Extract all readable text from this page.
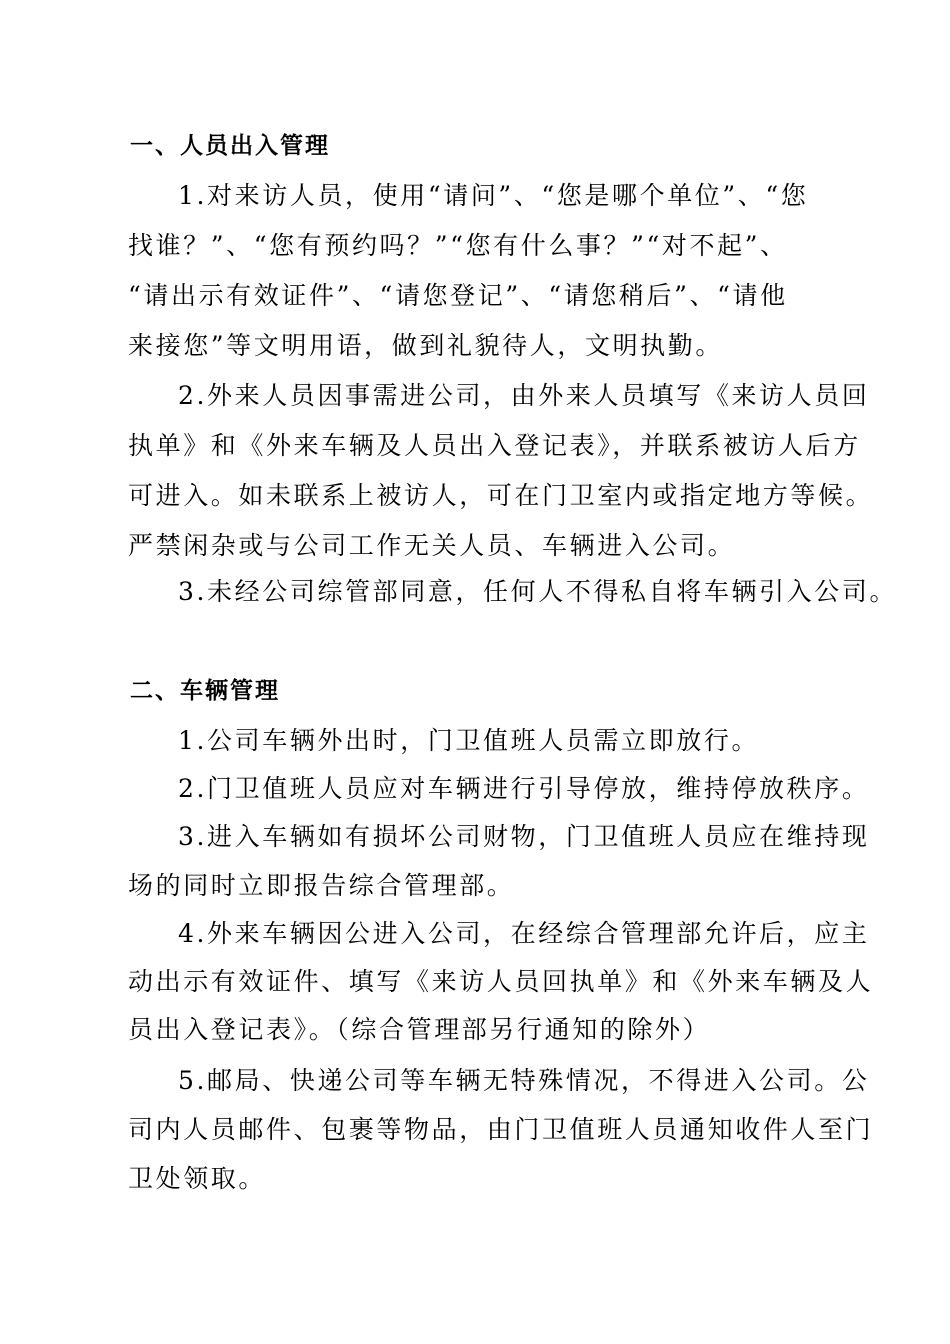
一、人员出入管理
1.对来访人员，使用“请问”、“您是哪个单位”、“您
找谁？”、“您有预约吗？”“您有什么事？”“对不起”、
“请出示有效证件”、“请您登记”、“请您稍后”、“请他
来接您”等文明用语，做到礼貌待人，文明执勤。
2.外来人员因事需进公司，由外来人员填写《来访人员回
执单》和《外来车辆及人员出入登记表》，并联系被访人后方
可进入。如未联系上被访人，可在门卫室内或指定地方等候。
严禁闲杂或与公司工作无关人员、车辆进入公司。
3.未经公司综管部同意，任何人不得私自将车辆引入公司。
二、车辆管理
1.公司车辆外出时，门卫值班人员需立即放行。
2.门卫值班人员应对车辆进行引导停放，维持停放秩序。
3.进入车辆如有损坏公司财物，门卫值班人员应在维持现
场的同时立即报告综合管理部。
4.外来车辆因公进入公司，在经综合管理部允许后，应主
动出示有效证件、填写《来访人员回执单》和《外来车辆及人
员出入登记表》。（综合管理部另行通知的除外）
5.邮局、快递公司等车辆无特殊情况，不得进入公司。公
司内人员邮件、包裹等物品，由门卫值班人员通知收件人至门
卫处领取。
